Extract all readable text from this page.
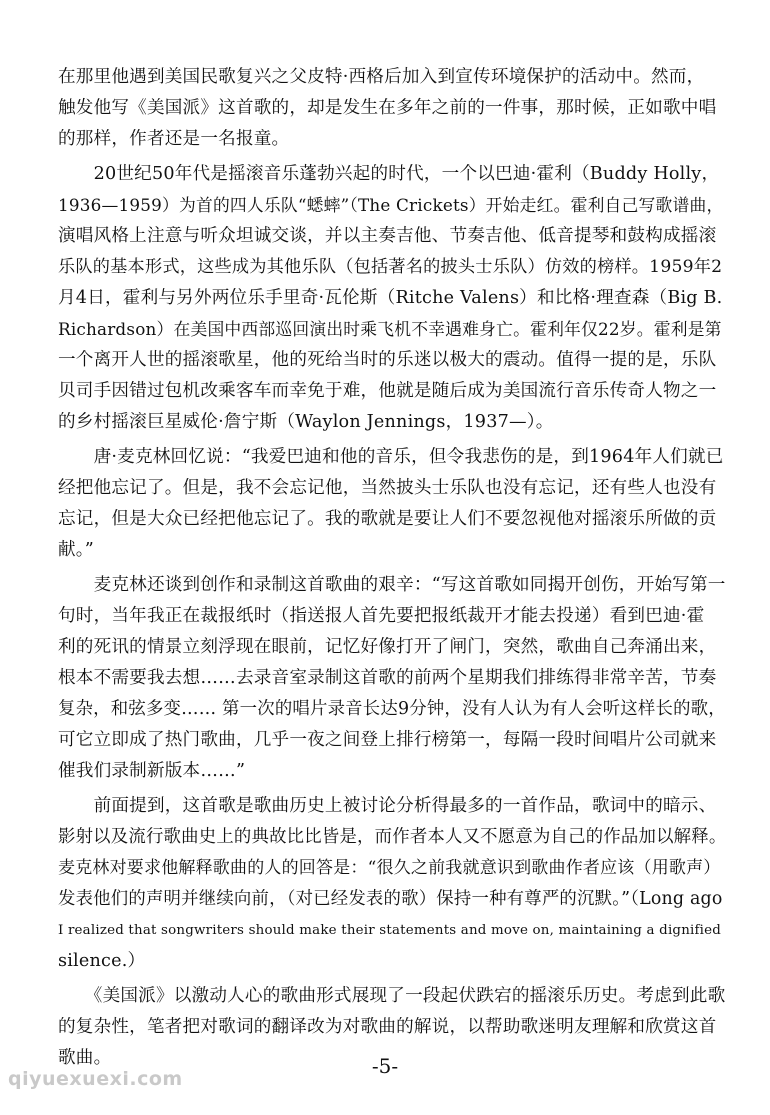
在那里他遇到美国民歌复兴之父皮特·西格后加入到宣传环境保护的活动中。然而，
触发他写《美国派》这首歌的，却是发生在多年之前的一件事，那时候，正如歌中唱
的那样，作者还是一名报童。
　　20世纪50年代是摇滚音乐蓬勃兴起的时代，一个以巴迪·霍利（Buddy Holly，
1936—1959）为首的四人乐队“蟋蟀”（The Crickets）开始走红。霍利自己写歌谱曲，
演唱风格上注意与听众坦诚交谈，并以主奏吉他、节奏吉他、低音提琴和鼓构成摇滚
乐队的基本形式，这些成为其他乐队（包括著名的披头士乐队）仿效的榜样。1959年2
月4日，霍利与另外两位乐手里奇·瓦伦斯（Ritche Valens）和比格·理查森（Big B.
Richardson）在美国中西部巡回演出时乘飞机不幸遇难身亡。霍利年仅22岁。霍利是第
一个离开人世的摇滚歌星，他的死给当时的乐迷以极大的震动。值得一提的是，乐队
贝司手因错过包机改乘客车而幸免于难，他就是随后成为美国流行音乐传奇人物之一
的乡村摇滚巨星威伦·詹宁斯（Waylon Jennings，1937—）。
　　唐·麦克林回忆说：“我爱巴迪和他的音乐，但令我悲伤的是，到1964年人们就已
经把他忘记了。但是，我不会忘记他，当然披头士乐队也没有忘记，还有些人也没有
忘记，但是大众已经把他忘记了。我的歌就是要让人们不要忽视他对摇滚乐所做的贡
献。”
　　麦克林还谈到创作和录制这首歌曲的艰辛：“写这首歌如同揭开创伤，开始写第一
句时，当年我正在裁报纸时（指送报人首先要把报纸裁开才能去投递）看到巴迪·霍
利的死讯的情景立刻浮现在眼前，记忆好像打开了闸门，突然，歌曲自己奔涌出来，
根本不需要我去想……去录音室录制这首歌的前两个星期我们排练得非常辛苦，节奏
复杂，和弦多变…… 第一次的唱片录音长达9分钟，没有人认为有人会听这样长的歌，
可它立即成了热门歌曲，几乎一夜之间登上排行榜第一，每隔一段时间唱片公司就来
催我们录制新版本……”
　　前面提到，这首歌是歌曲历史上被讨论分析得最多的一首作品，歌词中的暗示、
影射以及流行歌曲史上的典故比比皆是，而作者本人又不愿意为自己的作品加以解释。
麦克林对要求他解释歌曲的人的回答是：“很久之前我就意识到歌曲作者应该（用歌声）
发表他们的声明并继续向前，（对已经发表的歌）保持一种有尊严的沉默。”（Long ago
I realized that songwriters should make their statements and move on, maintaining a dignified
silence.）
　　《美国派》以激动人心的歌曲形式展现了一段起伏跌宕的摇滚乐历史。考虑到此歌
的复杂性，笔者把对歌词的翻译改为对歌曲的解说，以帮助歌迷明友理解和欣赏这首
歌曲。	-5-
qiyuexuexi.com
